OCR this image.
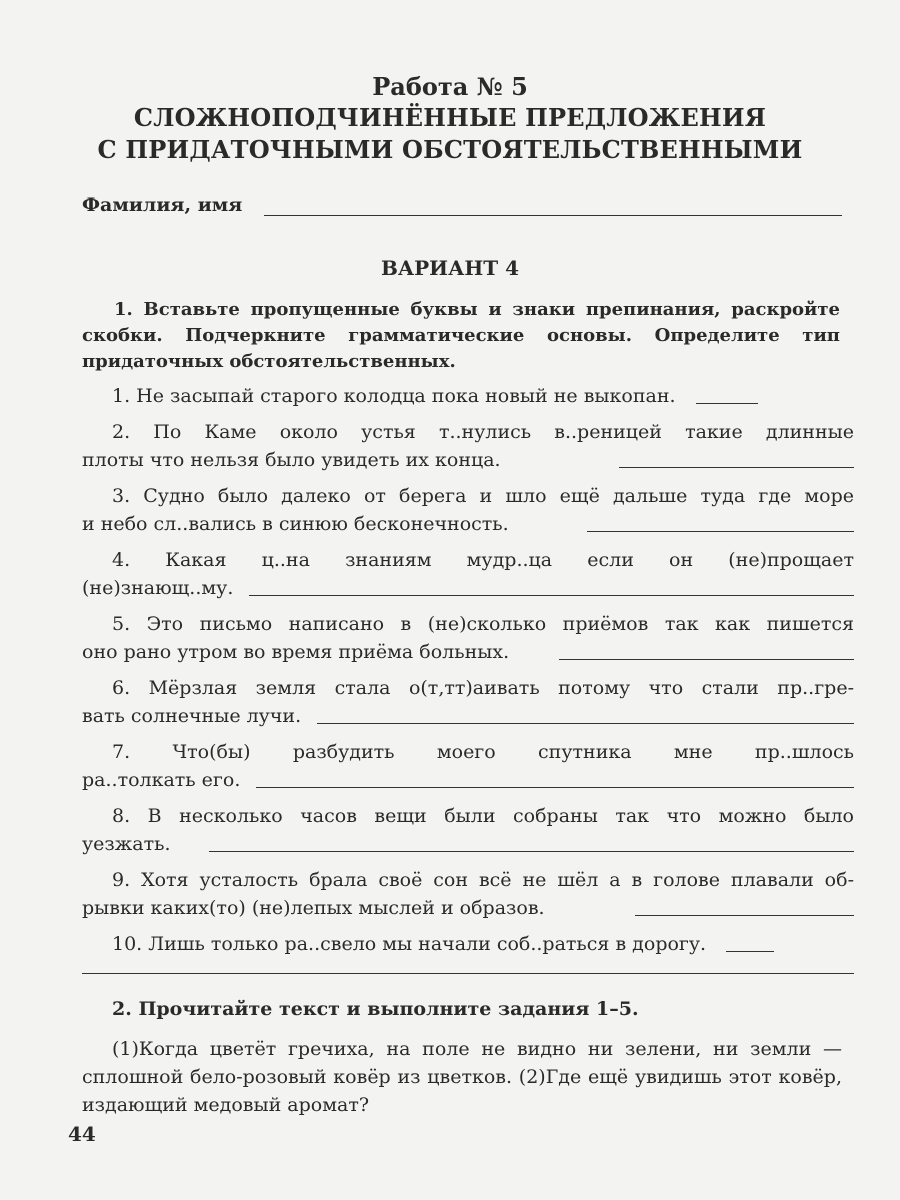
Работа № 5
СЛОЖНОПОДЧИНЁННЫЕ ПРЕДЛОЖЕНИЯ
С ПРИДАТОЧНЫМИ ОБСТОЯТЕЛЬСТВЕННЫМИ
Фамилия, имя
ВАРИАНТ 4
1. Вставьте пропущенные буквы и знаки препинания, раскройте скобки. Подчеркните грамматические основы. Определите тип придаточных обстоятельственных.
1. Не засыпай старого колодца пока новый не выкопан.
2. По Каме около устья т..нулись в..реницей такие длинные
плоты что нельзя было увидеть их конца.
3. Судно было далеко от берега и шло ещё дальше туда где море
и небо сл..вались в синюю бесконечность.
4. Какая ц..на знаниям мудр..ца если он (не)прощает
(не)знающ..му.
5. Это письмо написано в (не)сколько приёмов так как пишется
оно рано утром во время приёма больных.
6. Мёрзлая земля стала о(т,тт)аивать потому что стали пр..гре-
вать солнечные лучи.
7. Что(бы) разбудить моего спутника мне пр..шлось
ра..толкать его.
8. В несколько часов вещи были собраны так что можно было
уезжать.
9. Хотя усталость брала своё сон всё не шёл а в голове плавали об-
рывки каких(то) (не)лепых мыслей и образов.
10. Лишь только ра..свело мы начали соб..раться в дорогу.
2. Прочитайте текст и выполните задания 1–5.
(1)Когда цветёт гречиха, на поле не видно ни зелени, ни земли — сплошной бело-розовый ковёр из цветков. (2)Где ещё увидишь этот ковёр, издающий медовый аромат?
44
